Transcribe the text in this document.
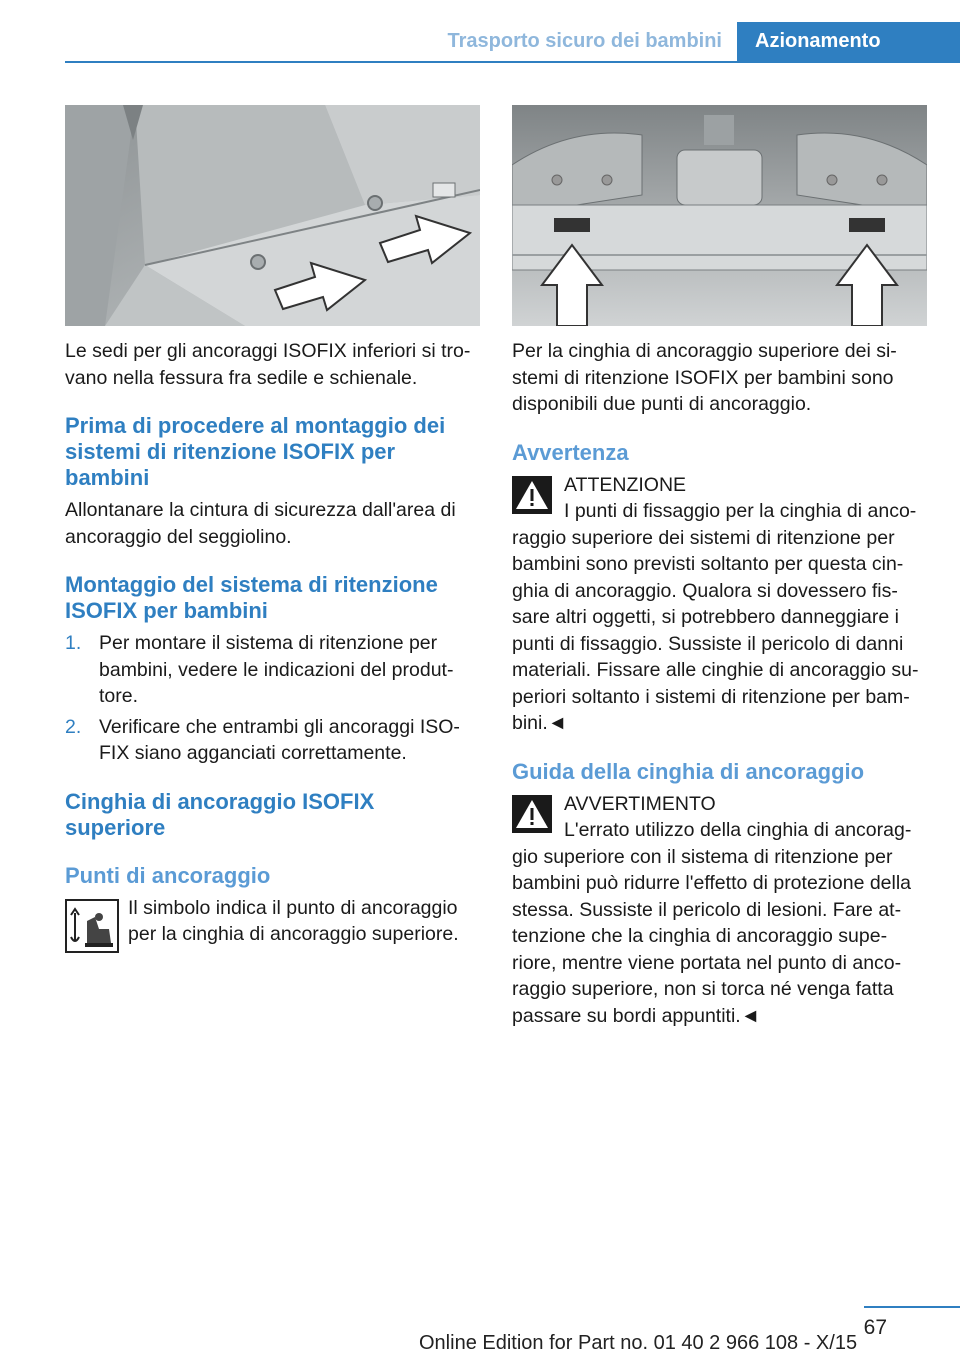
Trasporto sicuro dei bambini	Azionamento

Le sedi per gli ancoraggi ISOFIX inferiori si tro‐ vano nella fessura fra sedile e schienale.

Prima di procedere al montaggio dei sistemi di ritenzione ISOFIX per bambini

Allontanare la cintura di sicurezza dall'area di ancoraggio del seggiolino.

Montaggio del sistema di ritenzione ISOFIX per bambini
1. Per montare il sistema di ritenzione per bambini, vedere le indicazioni del produt‐ tore.
2. Verificare che entrambi gli ancoraggi ISO‐ FIX siano agganciati correttamente.
Cinghia di ancoraggio ISOFIX superiore
Punti di ancoraggio

Il simbolo indica il punto di ancoraggio per la cinghia di ancoraggio superiore.

Per la cinghia di ancoraggio superiore dei si‐ stemi di ritenzione ISOFIX per bambini sono disponibili due punti di ancoraggio.

Avvertenza

ATTENZIONE

I punti di fissaggio per la cinghia di anco‐

raggio superiore dei sistemi di ritenzione per bambini sono previsti soltanto per questa cin‐ ghia di ancoraggio. Qualora si dovessero fis‐ sare altri oggetti, si potrebbero danneggiare i punti di fissaggio. Sussiste il pericolo di danni materiali. Fissare alle cinghie di ancoraggio su‐ periori soltanto i sistemi di ritenzione per bam‐ bini.◄

Guida della cinghia di ancoraggio

AVVERTIMENTO

L'errato utilizzo della cinghia di ancorag‐

gio superiore con il sistema di ritenzione per bambini può ridurre l'effetto di protezione della stessa. Sussiste il pericolo di lesioni. Fare at‐ tenzione che la cinghia di ancoraggio supe‐ riore, mentre viene portata nel punto di anco‐ raggio superiore, non si torca né venga fatta passare su bordi appuntiti.◄

67
Online Edition for Part no. 01 40 2 966 108 - X/15
